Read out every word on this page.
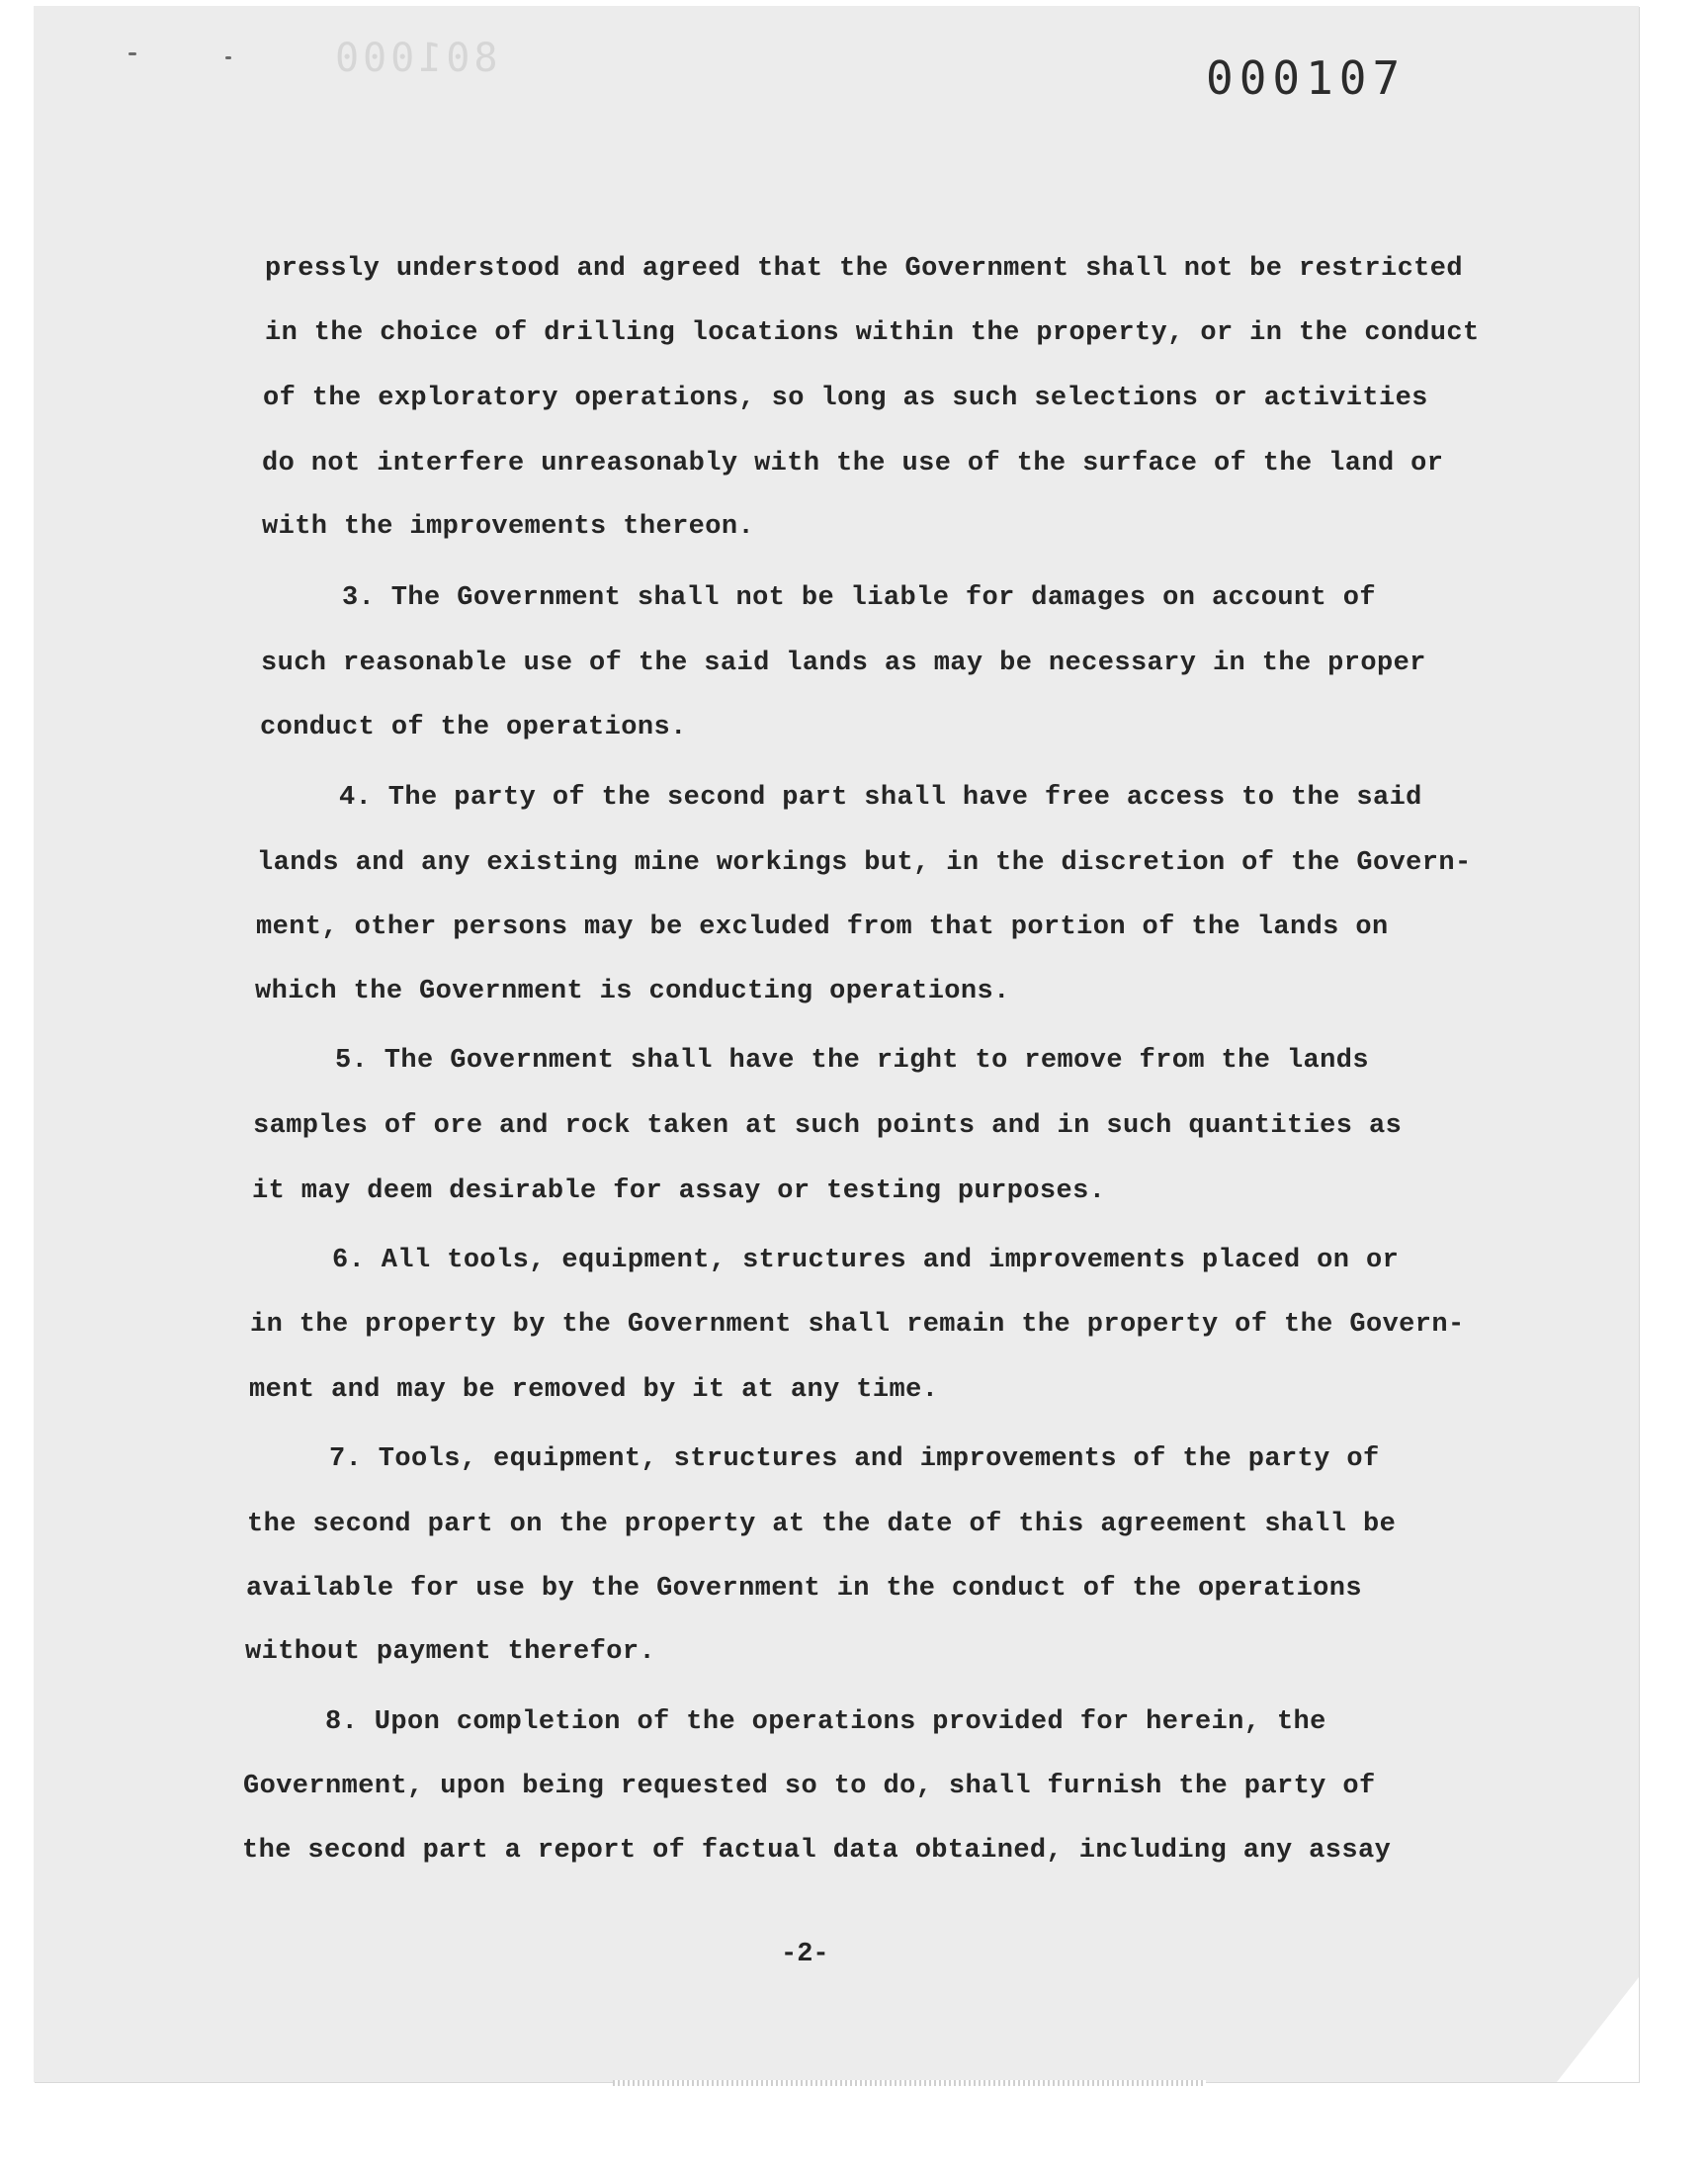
801000	000107
pressly understood and agreed that the Government shall not be restricted
in the choice of drilling locations within the property, or in the conduct
of the exploratory operations, so long as such selections or activities
do not interfere unreasonably with the use of the surface of the land or
with the improvements thereon.
3. The Government shall not be liable for damages on account of
such reasonable use of the said lands as may be necessary in the proper
conduct of the operations.
4. The party of the second part shall have free access to the said
lands and any existing mine workings but, in the discretion of the Govern-
ment, other persons may be excluded from that portion of the lands on
which the Government is conducting operations.
5. The Government shall have the right to remove from the lands
samples of ore and rock taken at such points and in such quantities as
it may deem desirable for assay or testing purposes.
6. All tools, equipment, structures and improvements placed on or
in the property by the Government shall remain the property of the Govern-
ment and may be removed by it at any time.
7. Tools, equipment, structures and improvements of the party of
the second part on the property at the date of this agreement shall be
available for use by the Government in the conduct of the operations
without payment therefor.
8. Upon completion of the operations provided for herein, the
Government, upon being requested so to do, shall furnish the party of
the second part a report of factual data obtained, including any assay
-2-
